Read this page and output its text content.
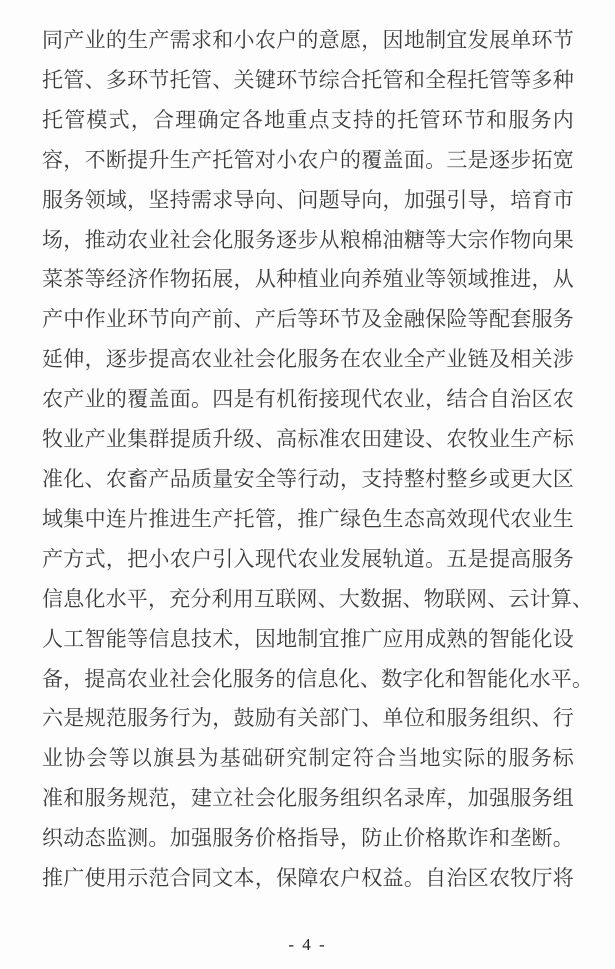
同产业的生产需求和小农户的意愿，因地制宜发展单环节
托管、多环节托管、关键环节综合托管和全程托管等多种
托管模式，合理确定各地重点支持的托管环节和服务内
容，不断提升生产托管对小农户的覆盖面。三是逐步拓宽
服务领域，坚持需求导向、问题导向，加强引导，培育市
场，推动农业社会化服务逐步从粮棉油糖等大宗作物向果
菜茶等经济作物拓展，从种植业向养殖业等领域推进，从
产中作业环节向产前、产后等环节及金融保险等配套服务
延伸，逐步提高农业社会化服务在农业全产业链及相关涉
农产业的覆盖面。四是有机衔接现代农业，结合自治区农
牧业产业集群提质升级、高标准农田建设、农牧业生产标
准化、农畜产品质量安全等行动，支持整村整乡或更大区
域集中连片推进生产托管，推广绿色生态高效现代农业生
产方式，把小农户引入现代农业发展轨道。五是提高服务
信息化水平，充分利用互联网、大数据、物联网、云计算、
人工智能等信息技术，因地制宜推广应用成熟的智能化设
备，提高农业社会化服务的信息化、数字化和智能化水平。
六是规范服务行为，鼓励有关部门、单位和服务组织、行
业协会等以旗县为基础研究制定符合当地实际的服务标
准和服务规范，建立社会化服务组织名录库，加强服务组
织动态监测。加强服务价格指导，防止价格欺诈和垄断。
推广使用示范合同文本，保障农户权益。自治区农牧厅将
- 4 -
